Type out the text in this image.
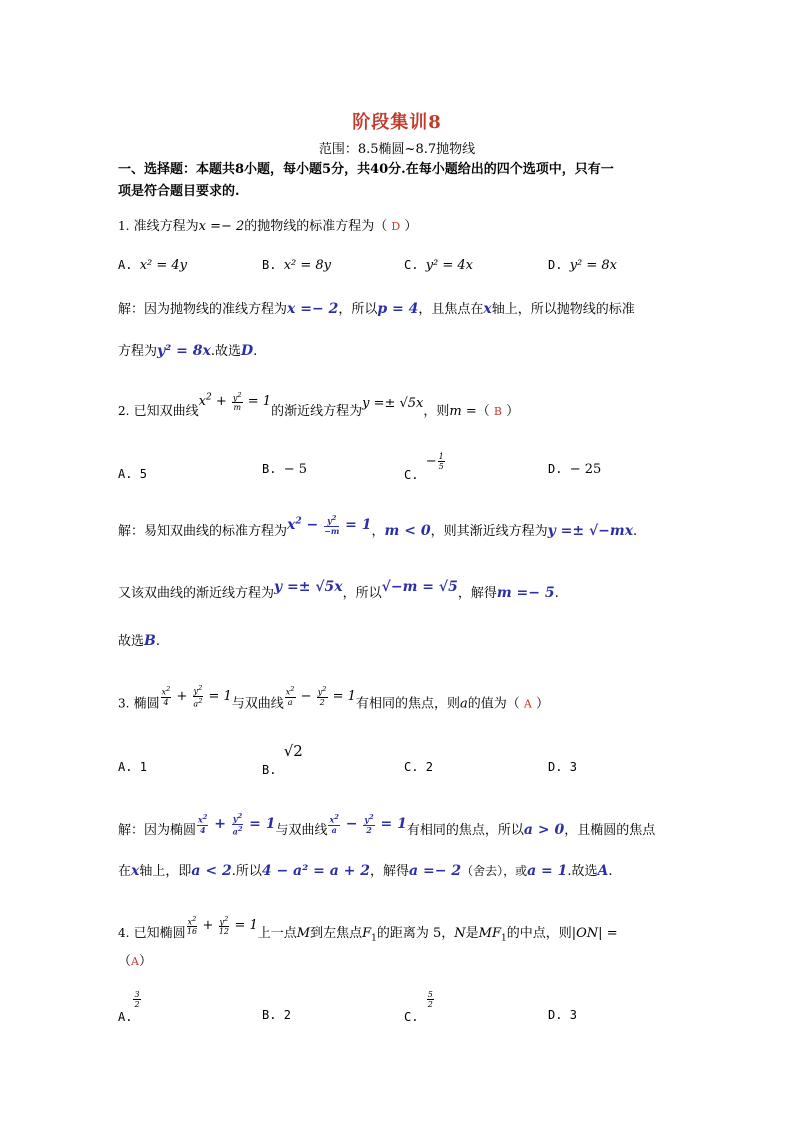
阶段集训8
范围：8.5椭圆~8.7抛物线
一、选择题：本题共8小题，每小题5分，共40分.在每小题给出的四个选项中，只有一
项是符合题目要求的.
1. 准线方程为x =− 2的抛物线的标准方程为（ D ）
A. x² = 4y	B. x² = 8y	C. y² = 4x	D. y² = 8x
解：因为抛物线的准线方程为x =− 2，所以p = 4，且焦点在x轴上，所以抛物线的标准
方程为y² = 8x.故选D.
2. 已知双曲线$x^2 + \frac{y^2}{m} = 1$的渐近线方程为y =± √5x，则m =（ B ）
A. 5	B. − 5	C. − $\frac{1}{5}$	D. − 25
解：易知双曲线的标准方程为$x^2 - \frac{y^2}{-m} = 1$，m < 0，则其渐近线方程为y =± √−mx.
又该双曲线的渐近线方程为y =± √5x，所以√−m = √5，解得m =− 5.
故选B.
3. 椭圆 $\frac{x^2}{4} + \frac{y^2}{a^2} = 1$与双曲线 $\frac{x^2}{a} - \frac{y^2}{2} = 1$有相同的焦点，则a的值为（ A ）
A. 1	B. √2
C. 2	D. 3
解：因为椭圆 $\frac{x^2}{4} + \frac{y^2}{a^2} = 1$与双曲线 $\frac{x^2}{a} - \frac{y^2}{2} = 1$有相同的焦点，所以a > 0，且椭圆的焦点
在x轴上，即a < 2.所以4 − a² = a + 2，解得a =− 2（舍去），或a = 1.故选A.
4. 已知椭圆 $\frac{x^2}{16} + \frac{y^2}{12} = 1$上一点M到左焦点$F_1$的距离为 5，N是$MF_1$的中点，则|ON| =
（A）
A.
$\frac{3}{2}$
B. 2	C.
$\frac{5}{2}$
D. 3
